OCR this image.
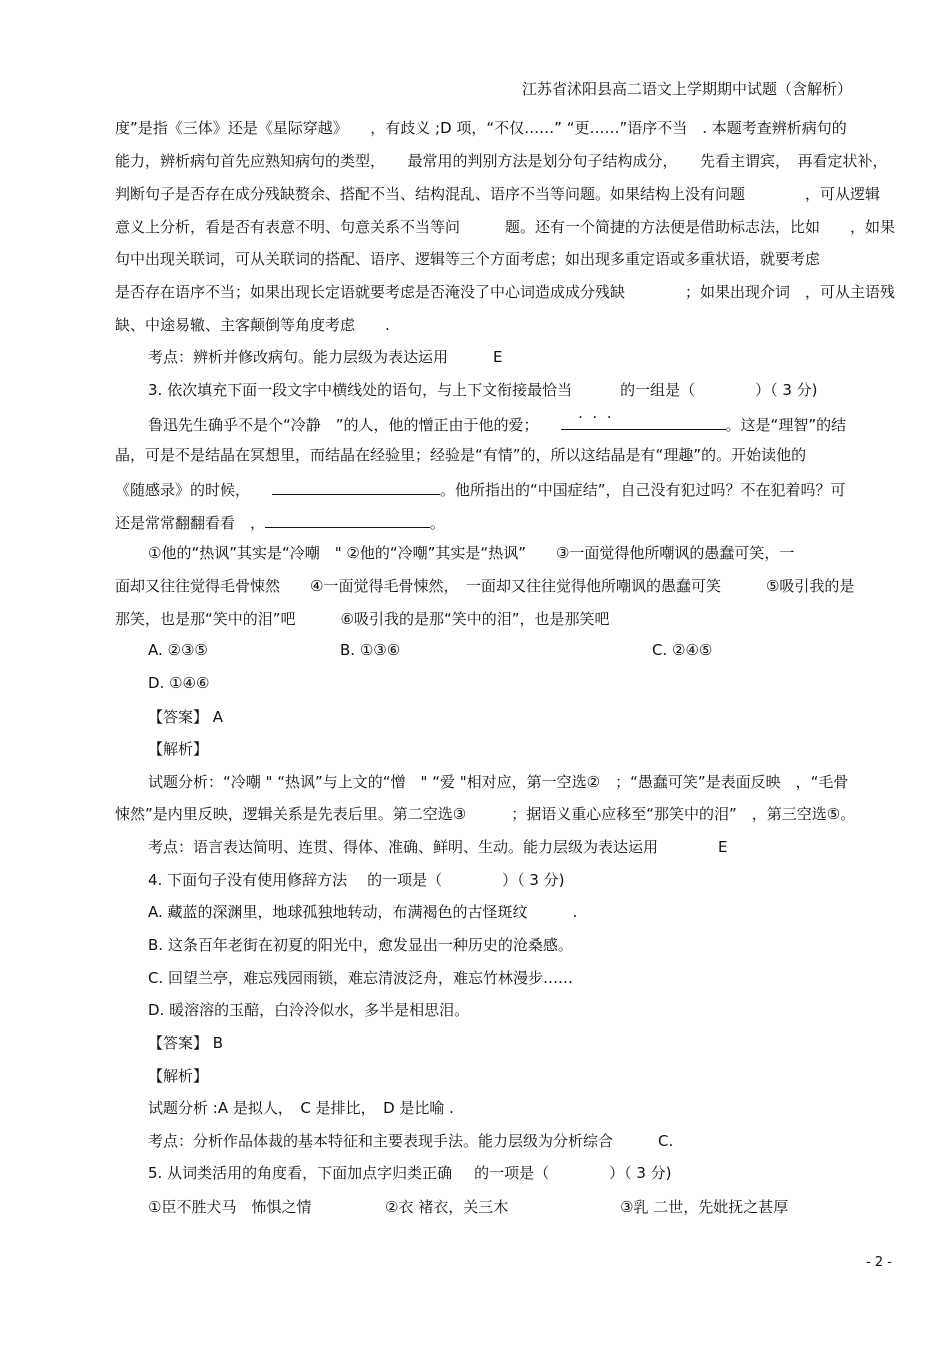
江苏省沭阳县高二语文上学期期中试题（含解析）
度”是指《三体》还是《星际穿越》　　，有歧义 ;D 项，“不仅……” “更……”语序不当　. 本题考查辨析病句的
能力，辨析病句首先应熟知病句的类型，　　最常用的判别方法是划分句子结构成分，　　先看主谓宾，　再看定状补，
判断句子是否存在成分残缺赘余、搭配不当、结构混乱、语序不当等问题。如果结构上没有问题　　　　，可从逻辑
意义上分析，看是否有表意不明、句意关系不当等问　　　题。还有一个简捷的方法便是借助标志法，比如　　，如果
句中出现关联词，可从关联词的搭配、语序、逻辑等三个方面考虑；如出现多重定语或多重状语，就要考虑
是否存在语序不当；如果出现长定语就要考虑是否淹没了中心词造成成分残缺　　　　；如果出现介词　，可从主语残
缺、中途易辙、主客颠倒等角度考虑　　.
考点：辨析并修改病句。能力层级为表达运用　　　E
3. 依次填充下面一段文字中横线处的语句，与上下文衔接最恰当
.  .  .
的一组是（　　　　）（ 3 分)
鲁迅先生确乎不是个“冷静　”的人，他的憎正由于他的爱；	。这是“理智”的结
晶，可是不是结晶在冥想里，而结晶在经验里；经验是“有情”的，所以这结晶是有“理趣”的。开始读他的
《随感录》的时候，	。他所指出的“中国症结”，自己没有犯过吗？不在犯着吗？可
还是常常翻翻看看　，	。
①他的“热讽”其实是“冷嘲　" ②他的“冷嘲”其实是“热讽”　　③一面觉得他所嘲讽的愚蠢可笑，一
面却又往往觉得毛骨悚然　　④一面觉得毛骨悚然，　一面却又往往觉得他所嘲讽的愚蠢可笑　　　⑤吸引我的是
那笑，也是那“笑中的泪”吧　　　⑥吸引我的是那“笑中的泪”，也是那笑吧
A. ②③⑤	B. ①③⑥	C. ②④⑤
D. ①④⑥
【答案】 A
【解析】
试题分析：“冷嘲 " “热讽”与上文的“憎　" “爱 "相对应，第一空选②　；“愚蠢可笑”是表面反映　，“毛骨
悚然”是内里反映，逻辑关系是先表后里。第二空选③　　　；据语义重心应移至“那笑中的泪”　，第三空选⑤。
考点：语言表达简明、连贯、得体、准确、鲜明、生动。能力层级为表达运用　　　　E
4. 下面句子没有使用修辞方法 的一项是（　　　　）（ 3 分)
A. 藏蓝的深渊里，地球孤独地转动，布满褐色的古怪斑纹　　　.
B. 这条百年老街在初夏的阳光中，愈发显出一种历史的沧桑感。
C. 回望兰亭，难忘残园雨锁，难忘清波泛舟，难忘竹林漫步……
D. 暖溶溶的玉醅，白泠泠似水，多半是相思泪。
【答案】 B
【解析】
试题分析 :A 是拟人，　C 是排比，　D 是比喻 .
考点：分析作品体裁的基本特征和主要表现手法。能力层级为分析综合　　　C.
5. 从词类活用的角度看，下面加点字归类正确 的一项是（　　　　）（ 3 分)
①臣不胜犬马　怖惧之情	②衣 褚衣，关三木	③乳 二世，先妣抚之甚厚
- 2 -
